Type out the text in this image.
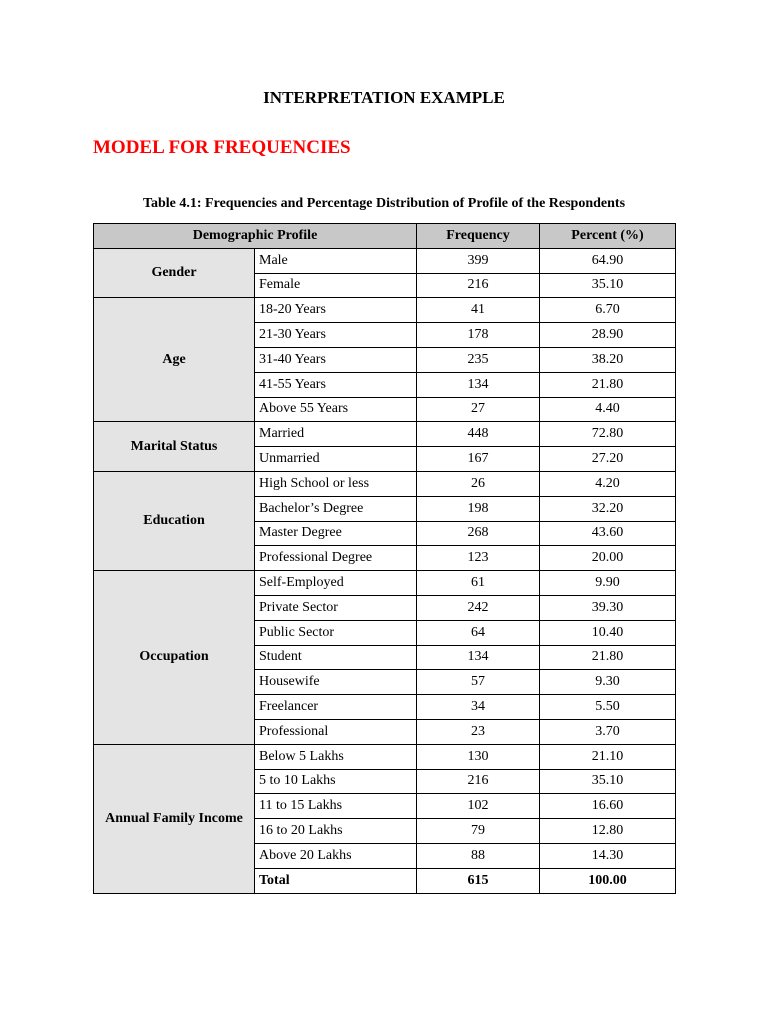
INTERPRETATION EXAMPLE
MODEL FOR FREQUENCIES
Table 4.1: Frequencies and Percentage Distribution of Profile of the Respondents
Demographic Profile		Frequency	Percent (%)
Gender	Male	399	64.90
	Female	216	35.10
Age	18-20 Years	41	6.70
	21-30 Years	178	28.90
	31-40 Years	235	38.20
	41-55 Years	134	21.80
	Above 55 Years	27	4.40
Marital Status	Married	448	72.80
	Unmarried	167	27.20
Education	High School or less	26	4.20
	Bachelor’s Degree	198	32.20
	Master Degree	268	43.60
	Professional Degree	123	20.00
Occupation	Self-Employed	61	9.90
	Private Sector	242	39.30
	Public Sector	64	10.40
	Student	134	21.80
	Housewife	57	9.30
	Freelancer	34	5.50
	Professional	23	3.70
Annual Family Income	Below 5 Lakhs	130	21.10
	5 to 10 Lakhs	216	35.10
	11 to 15 Lakhs	102	16.60
	16 to 20 Lakhs	79	12.80
	Above 20 Lakhs	88	14.30
	Total	615	100.00
